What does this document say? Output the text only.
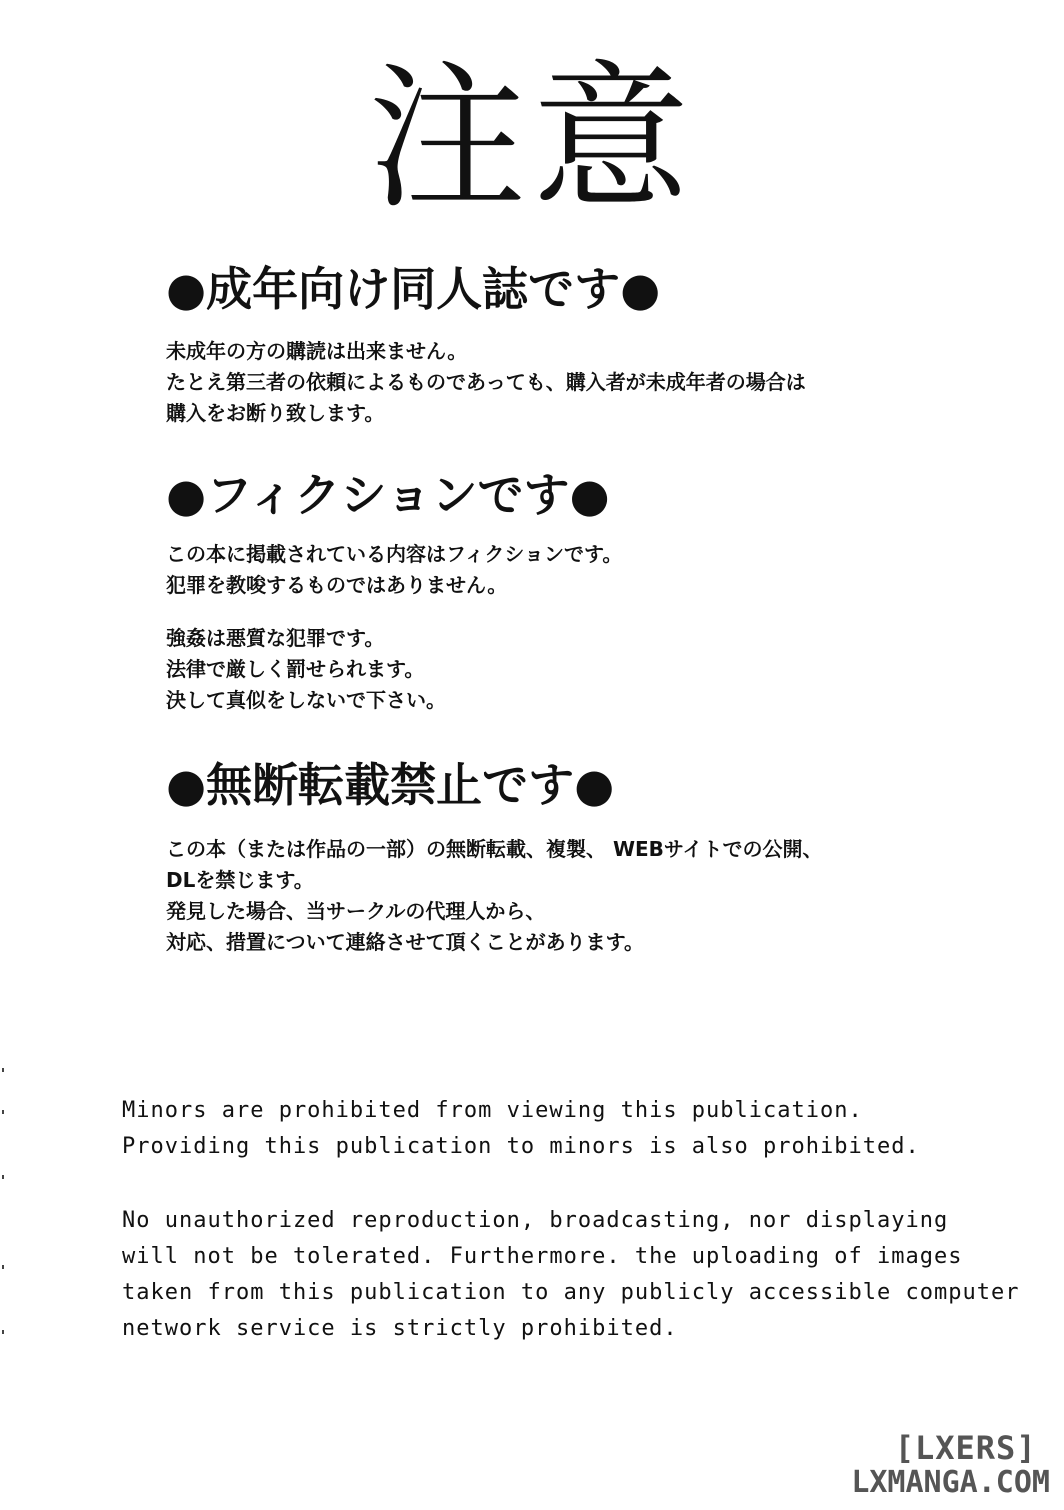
注意
●成年向け同人誌です●
未成年の方の購読は出来ません。
たとえ第三者の依頼によるものであっても、購入者が未成年者の場合は
購入をお断り致します。
●フィクションです●
この本に掲載されている内容はフィクションです。
犯罪を教唆するものではありません。
強姦は悪質な犯罪です。
法律で厳しく罰せられます。
決して真似をしないで下さい。
●無断転載禁止です●
この本（または作品の一部）の無断転載、複製、 WEBサイトでの公開、
DLを禁じます。
発見した場合、当サークルの代理人から、
対応、措置について連絡させて頂くことがあります。
Minors are prohibited from viewing this publication.
Providing this publication to minors is also prohibited.
No unauthorized reproduction, broadcasting, nor displaying
will not be tolerated. Furthermore. the uploading of images
taken from this publication to any publicly accessible computer
network service is strictly prohibited.
[LXERS]
LXMANGA.COM
